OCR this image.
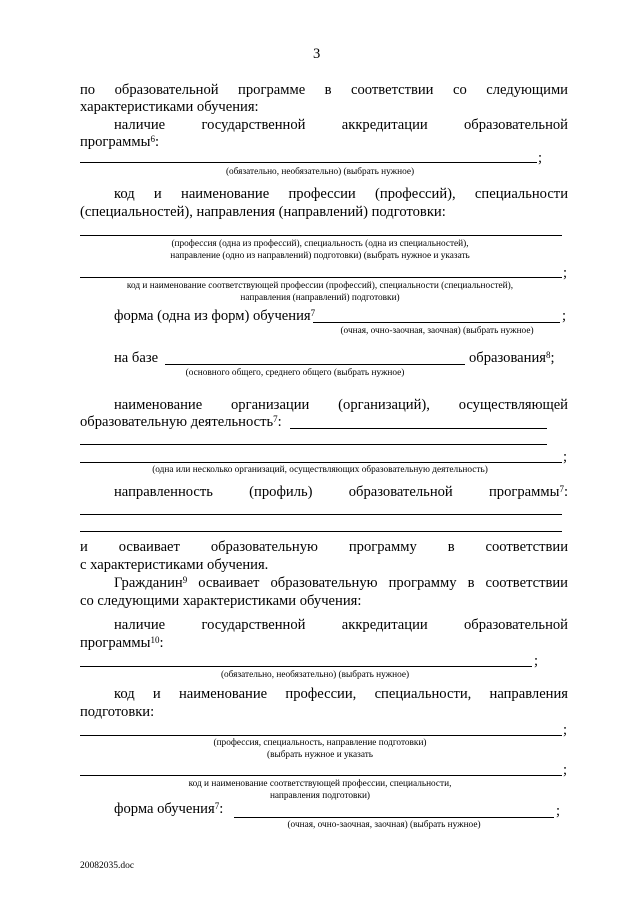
3
по образовательной программе в соответствии со следующими
характеристиками обучения:
наличие государственной аккредитации образовательной
программы$^6$:
;
(обязательно, необязательно) (выбрать нужное)
код и наименование профессии (профессий), специальности
(специальностей), направления (направлений) подготовки:
(профессия (одна из профессий), специальность (одна из специальностей),
направление (одно из направлений) подготовки) (выбрать нужное и указать
;
код и наименование соответствующей профессии (профессий), специальности (специальностей),
направления (направлений) подготовки)
форма (одна из форм) обучения$^7$	;
(очная, очно-заочная, заочная) (выбрать нужное)
на базе	образования$^8$;
(основного общего, среднего общего (выбрать нужное)
наименование организации (организаций), осуществляющей
образовательную деятельность$^7$:
;
(одна или несколько организаций, осуществляющих образовательную деятельность)
направленность (профиль) образовательной программы$^7$:
и осваивает образовательную программу в соответствии
с характеристиками обучения.
Гражданин$^9$ осваивает образовательную программу в соответствии
со следующими характеристиками обучения:
наличие государственной аккредитации образовательной
программы$^{10}$:
;
(обязательно, необязательно) (выбрать нужное)
код и наименование профессии, специальности, направления
подготовки:
;
(профессия, специальность, направление подготовки)
(выбрать нужное и указать
;
код и наименование соответствующей профессии, специальности,
направления подготовки)
форма обучения$^7$:	;
(очная, очно-заочная, заочная) (выбрать нужное)
20082035.doc
